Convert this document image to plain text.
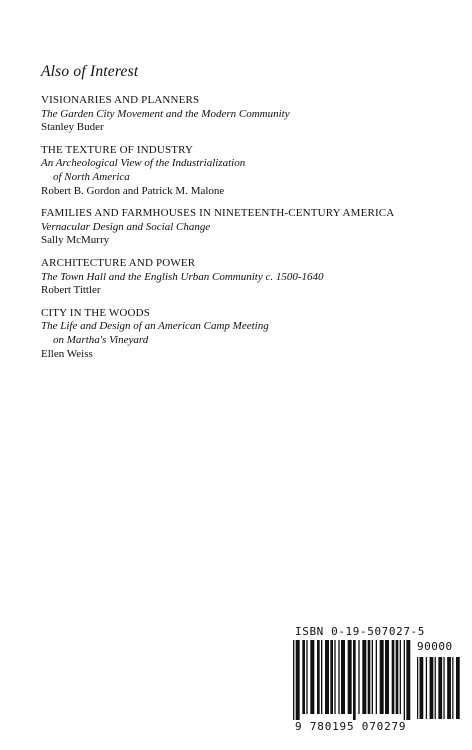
Also of Interest
VISIONARIES AND PLANNERS
The Garden City Movement and the Modern Community
Stanley Buder
THE TEXTURE OF INDUSTRY
An Archeological View of the Industrialization
of North America
Robert B. Gordon and Patrick M. Malone
FAMILIES AND FARMHOUSES IN NINETEENTH-CENTURY AMERICA
Vernacular Design and Social Change
Sally McMurry
ARCHITECTURE AND POWER
The Town Hall and the English Urban Community c. 1500-1640
Robert Tittler
CITY IN THE WOODS
The Life and Design of an American Camp Meeting
on Martha's Vineyard
Ellen Weiss
ISBN 0-19-507027-5
90000
9 780195 070279
